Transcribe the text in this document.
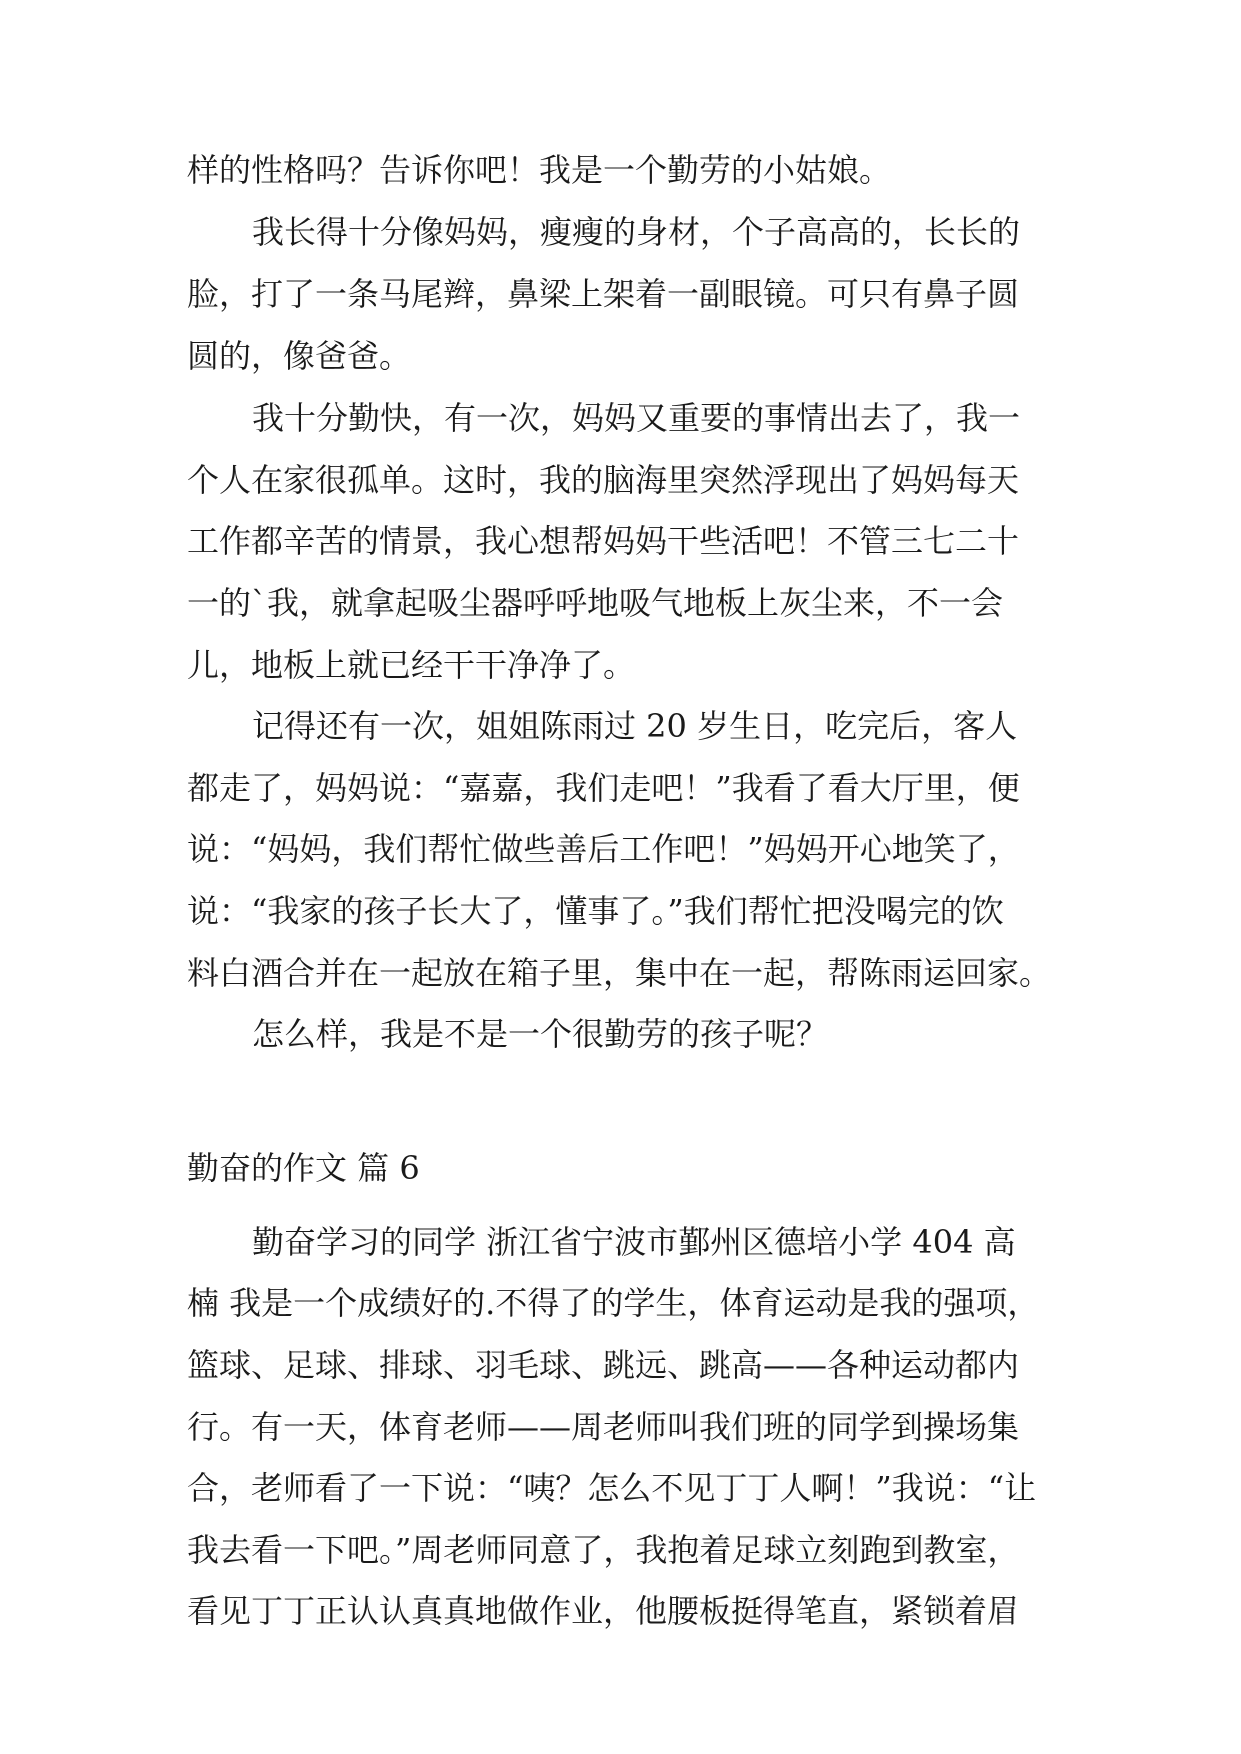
样的性格吗？告诉你吧！我是一个勤劳的小姑娘。
我长得十分像妈妈，瘦瘦的身材，个子高高的，长长的
脸，打了一条马尾辫，鼻梁上架着一副眼镜。可只有鼻子圆
圆的，像爸爸。
我十分勤快，有一次，妈妈又重要的事情出去了，我一
个人在家很孤单。这时，我的脑海里突然浮现出了妈妈每天
工作都辛苦的情景，我心想帮妈妈干些活吧！不管三七二十
一的`我，就拿起吸尘器呼呼地吸气地板上灰尘来，不一会
儿，地板上就已经干干净净了。
记得还有一次，姐姐陈雨过 20 岁生日，吃完后，客人
都走了，妈妈说：“嘉嘉，我们走吧！”我看了看大厅里，便
说：“妈妈，我们帮忙做些善后工作吧！”妈妈开心地笑了，
说：“我家的孩子长大了，懂事了。”我们帮忙把没喝完的饮
料白酒合并在一起放在箱子里，集中在一起，帮陈雨运回家。
怎么样，我是不是一个很勤劳的孩子呢？
勤奋的作文 篇 6
勤奋学习的同学 浙江省宁波市鄞州区德培小学 404 高
楠 我是一个成绩好的.不得了的学生，体育运动是我的强项，
篮球、足球、排球、羽毛球、跳远、跳高——各种运动都内
行。有一天，体育老师——周老师叫我们班的同学到操场集
合，老师看了一下说：“咦？怎么不见丁丁人啊！”我说：“让
我去看一下吧。”周老师同意了，我抱着足球立刻跑到教室，
看见丁丁正认认真真地做作业，他腰板挺得笔直，紧锁着眉
